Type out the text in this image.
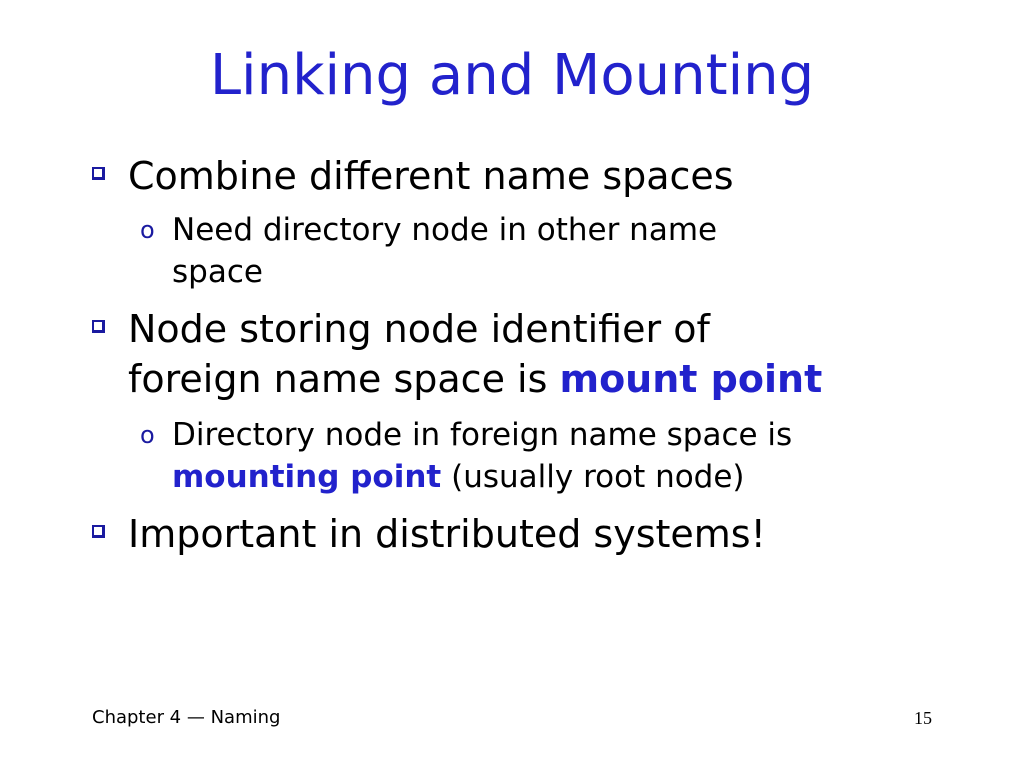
Linking and Mounting
Combine different name spaces
o Need directory node in other name
space
Node storing node identifier of
foreign name space is mount point
o Directory node in foreign name space is
mounting point (usually root node)
Important in distributed systems!
Chapter 4 — Naming	15
